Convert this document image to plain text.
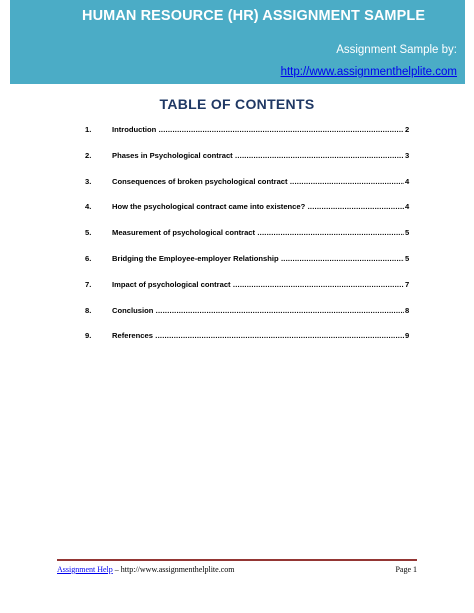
HUMAN RESOURCE (HR) ASSIGNMENT SAMPLE
Assignment Sample by:
http://www.assignmenthelplite.com
TABLE OF CONTENTS
1.	Introduction .....	2
2.	Phases in Psychological contract .....	3
3.	Consequences of broken psychological contract .....	4
4.	How the psychological contract came into existence? .....	4
5.	Measurement of psychological contract .....	5
6.	Bridging the Employee-employer Relationship .....	5
7.	Impact of psychological contract .....	7
8.	Conclusion .....	8
9.	References .....	9
Assignment Help – http://www.assignmenthelplite.com	Page 1
